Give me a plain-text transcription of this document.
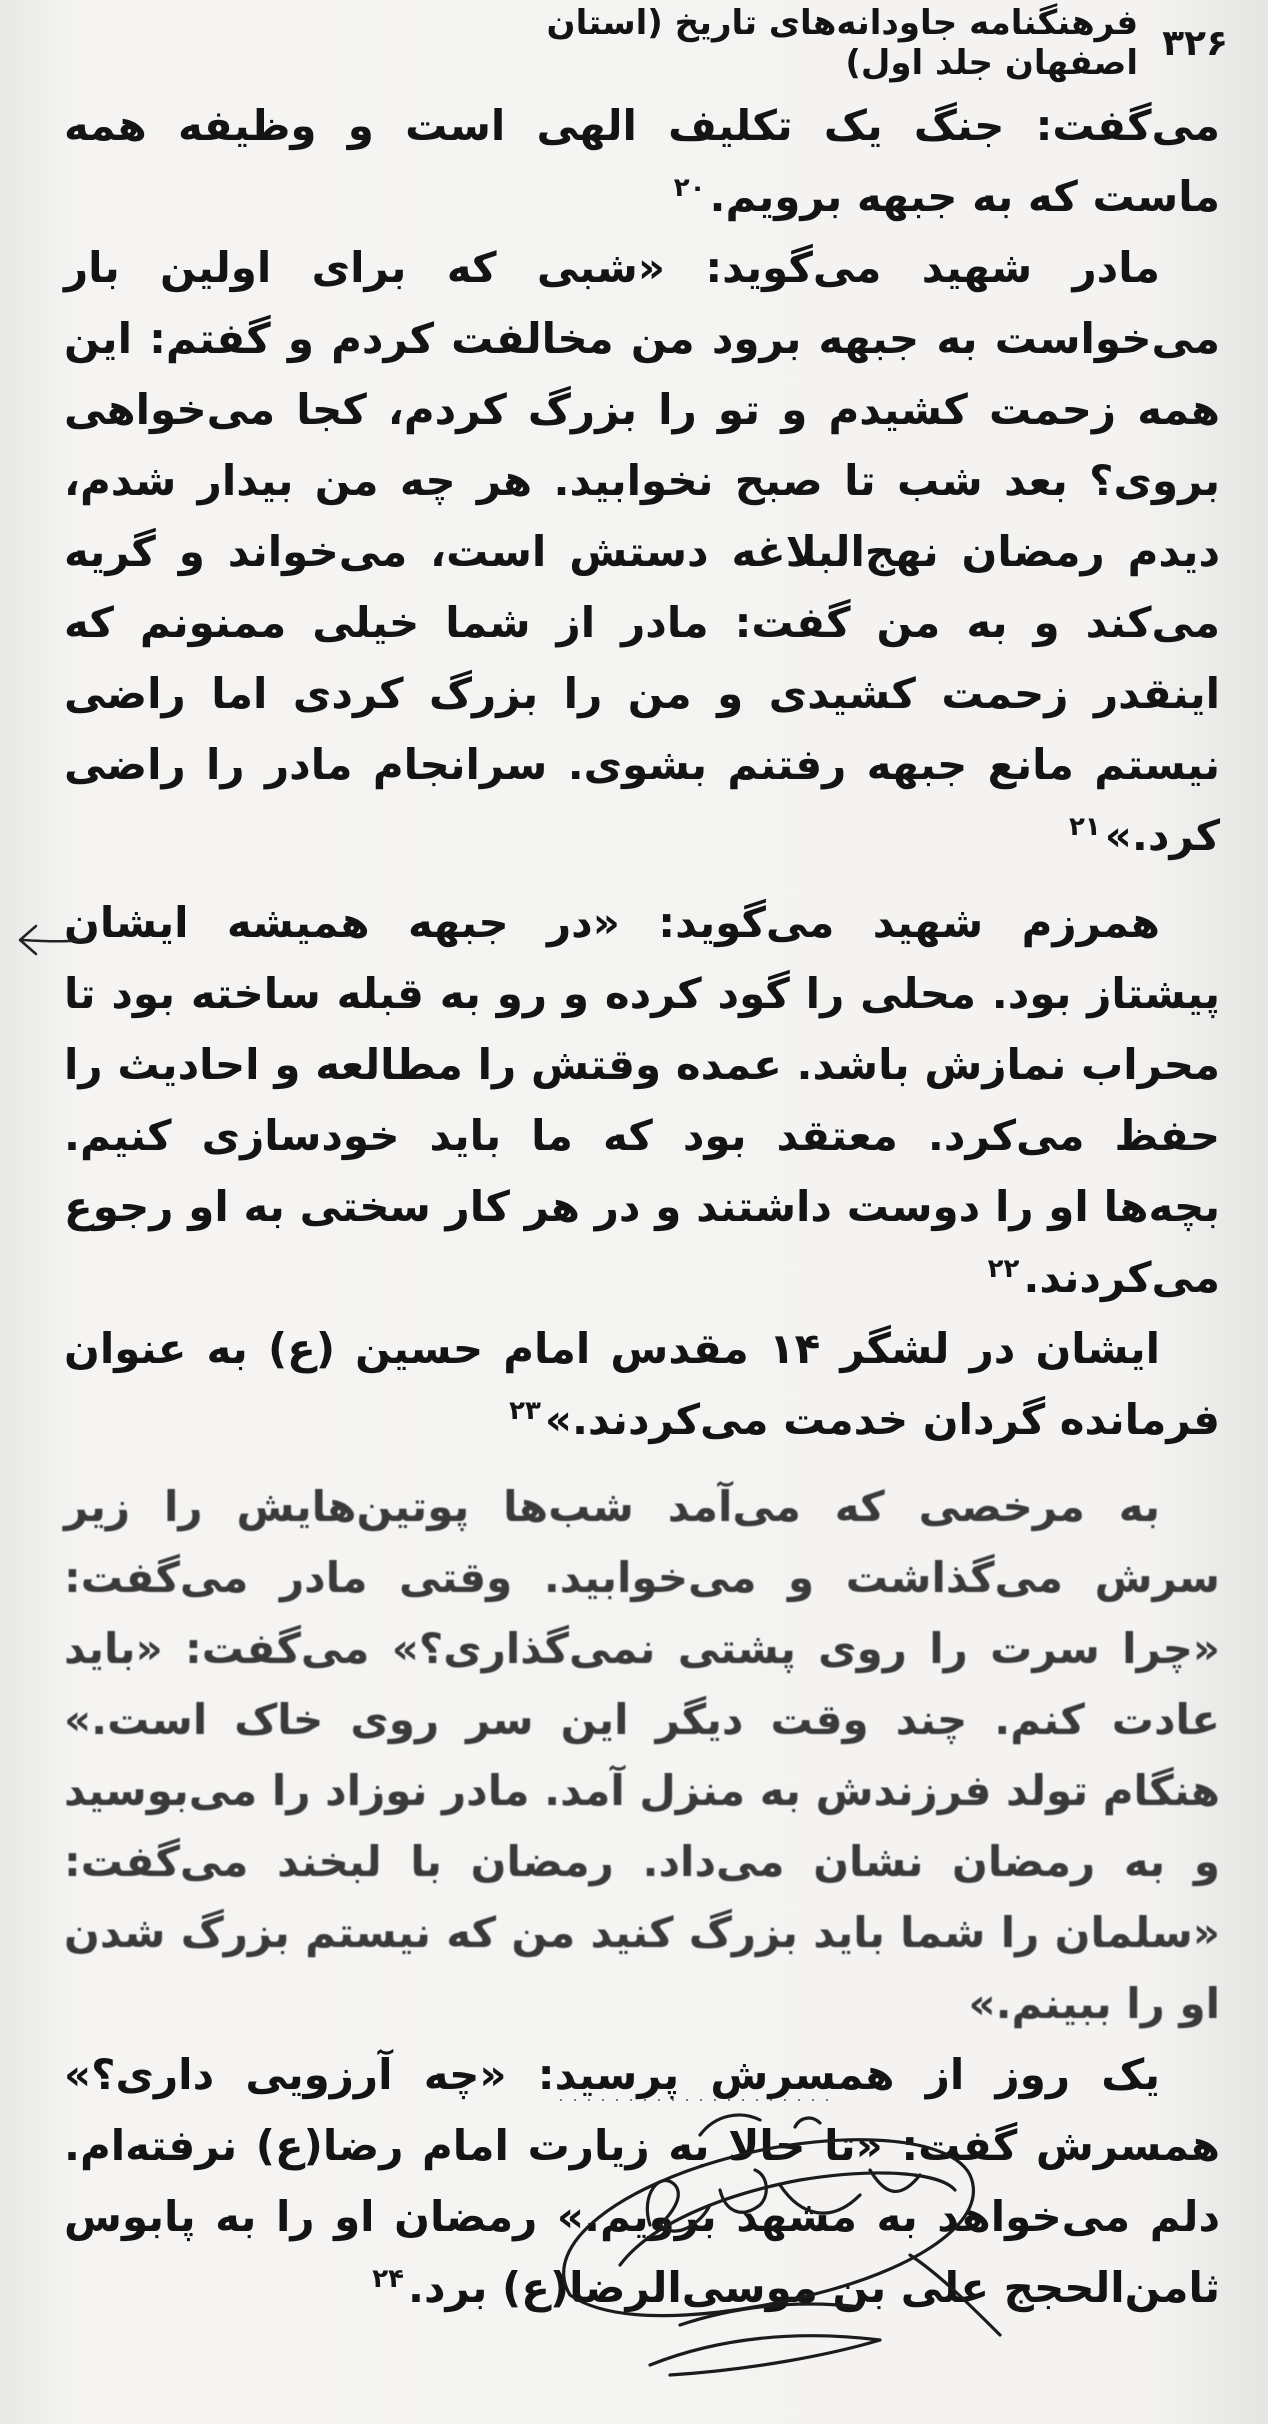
۳۲۶
فرهنگنامه جاودانه‌های تاریخ (استان اصفهان جلد اول)

می‌گفت: جنگ یک تکلیف الهی است و وظیفه همه ماست که به جبهه برویم.$^{۲۰}$

مادر شهید می‌گوید: «شبی که برای اولین بار می‌خواست به جبهه برود من مخالفت کردم و گفتم: این همه زحمت کشیدم و تو را بزرگ کردم، کجا می‌خواهی بروی؟ بعد شب تا صبح نخوابید. هر چه من بیدار شدم، دیدم رمضان نهج‌البلاغه دستش است، می‌خواند و گریه می‌کند و به من گفت: مادر از شما خیلی ممنونم که اینقدر زحمت کشیدی و من را بزرگ کردی اما راضی نیستم مانع جبهه رفتنم بشوی. سرانجام مادر را راضی کرد.»$^{۲۱}$

همرزم شهید می‌گوید: «در جبهه همیشه ایشان پیشتاز بود. محلی را گود کرده و رو به قبله ساخته بود تا محراب نمازش باشد. عمده وقتش را مطالعه و احادیث را حفظ می‌کرد. معتقد بود که ما باید خودسازی کنیم. بچه‌ها او را دوست داشتند و در هر کار سختی به او رجوع می‌کردند.$^{۲۲}$

ایشان در لشگر ۱۴ مقدس امام حسین (ع) به عنوان فرمانده گردان خدمت می‌کردند.»$^{۲۳}$

به مرخصی که می‌آمد شب‌ها پوتین‌هایش را زیر سرش می‌گذاشت و می‌خوابید. وقتی مادر می‌گفت: «چرا سرت را روی پشتی نمی‌گذاری؟» می‌گفت: «باید عادت کنم. چند وقت دیگر این سر روی خاک است.» هنگام تولد فرزندش به منزل آمد. مادر نوزاد را می‌بوسید و به رمضان نشان می‌داد. رمضان با لبخند می‌گفت: «سلمان را شما باید بزرگ کنید من که نیستم بزرگ شدن او را ببینم.»

یک روز از همسرش پرسید: «چه آرزویی داری؟» همسرش گفت: «تا حالا به زیارت امام رضا(ع) نرفته‌ام. دلم می‌خواهد به مشهد برویم.» رمضان او را به پابوس ثامن‌الحجج علی بن موسی‌الرضا(ع) برد.$^{۲۴}$
